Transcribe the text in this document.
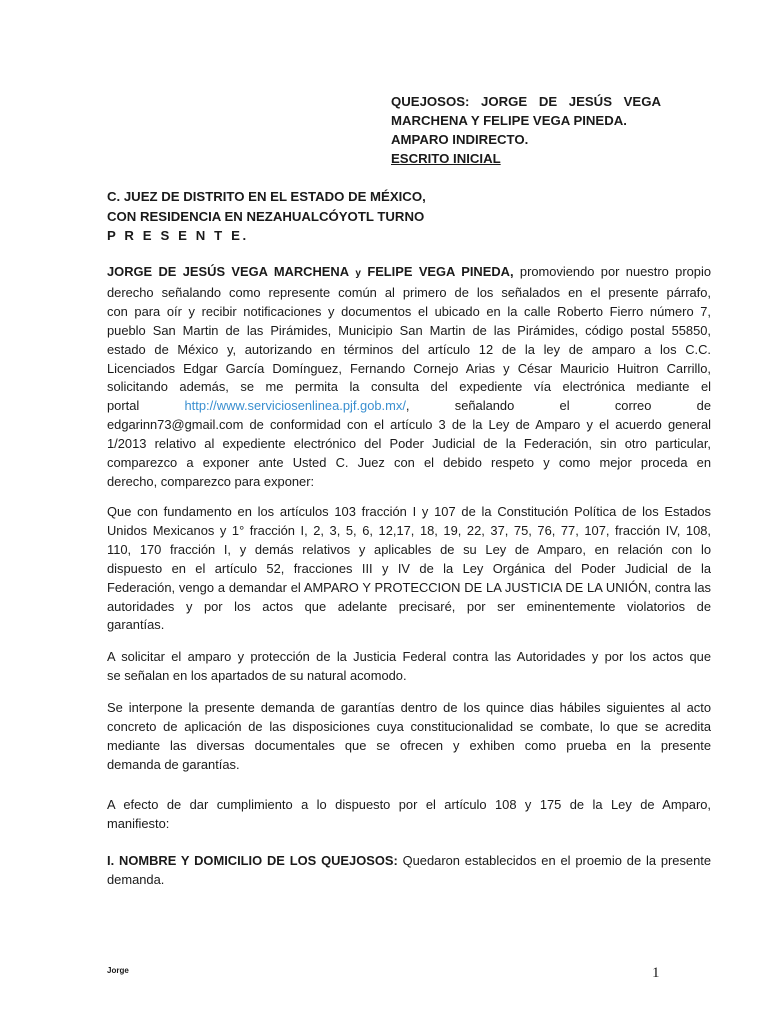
QUEJOSOS: JORGE DE JESÚS VEGA
MARCHENA Y FELIPE VEGA PINEDA.
AMPARO INDIRECTO.
ESCRITO INICIAL
C. JUEZ DE DISTRITO EN EL ESTADO DE MÉXICO,
CON RESIDENCIA EN NEZAHUALCÓYOTL TURNO
P R E S E N T E.
JORGE DE JESÚS VEGA MARCHENA y FELIPE VEGA PINEDA, promoviendo por nuestro propio
derecho señalando como represente común al primero de los señalados en el presente párrafo,
con para oír y recibir notificaciones y documentos el ubicado en la calle Roberto Fierro número 7,
pueblo San Martin de las Pirámides, Municipio San Martin de las Pirámides, código postal 55850,
estado de México y, autorizando en términos del artículo 12 de la ley de amparo a los C.C.
Licenciados Edgar García Domínguez, Fernando Cornejo Arias y César Mauricio Huitron Carrillo,
solicitando además, se me permita la consulta del expediente vía electrónica mediante el
portal	http://www.serviciosenlinea.pjf.gob.mx/,	señalando	el	correo	de
edgarinn73@gmail.com de conformidad con el artículo 3 de la Ley de Amparo y el acuerdo general
1/2013 relativo al expediente electrónico del Poder Judicial de la Federación, sin otro particular,
comparezco a exponer ante Usted C. Juez con el debido respeto y como mejor proceda en
derecho, comparezco para exponer:
Que con fundamento en los artículos 103 fracción I y 107 de la Constitución Política de los Estados
Unidos Mexicanos y 1° fracción I, 2, 3, 5, 6, 12,17, 18, 19, 22, 37, 75, 76, 77, 107, fracción IV, 108,
110, 170 fracción I, y demás relativos y aplicables de su Ley de Amparo, en relación con lo
dispuesto en el artículo 52, fracciones III y IV de la Ley Orgánica del Poder Judicial de la
Federación, vengo a demandar el AMPARO Y PROTECCION DE LA JUSTICIA DE LA UNIÓN, contra las
autoridades y por los actos que adelante precisaré, por ser eminentemente violatorios de
garantías.
A solicitar el amparo y protección de la Justicia Federal contra las Autoridades y por los actos que
se señalan en los apartados de su natural acomodo.
Se interpone la presente demanda de garantías dentro de los quince dias hábiles siguientes al acto
concreto de aplicación de las disposiciones cuya constitucionalidad se combate, lo que se acredita
mediante las diversas documentales que se ofrecen y exhiben como prueba en la presente
demanda de garantías.
A efecto de dar cumplimiento a lo dispuesto por el artículo 108 y 175 de la Ley de Amparo,
manifiesto:
I. NOMBRE Y DOMICILIO DE LOS QUEJOSOS: Quedaron establecidos en el proemio de la presente
demanda.
Jorge	1
